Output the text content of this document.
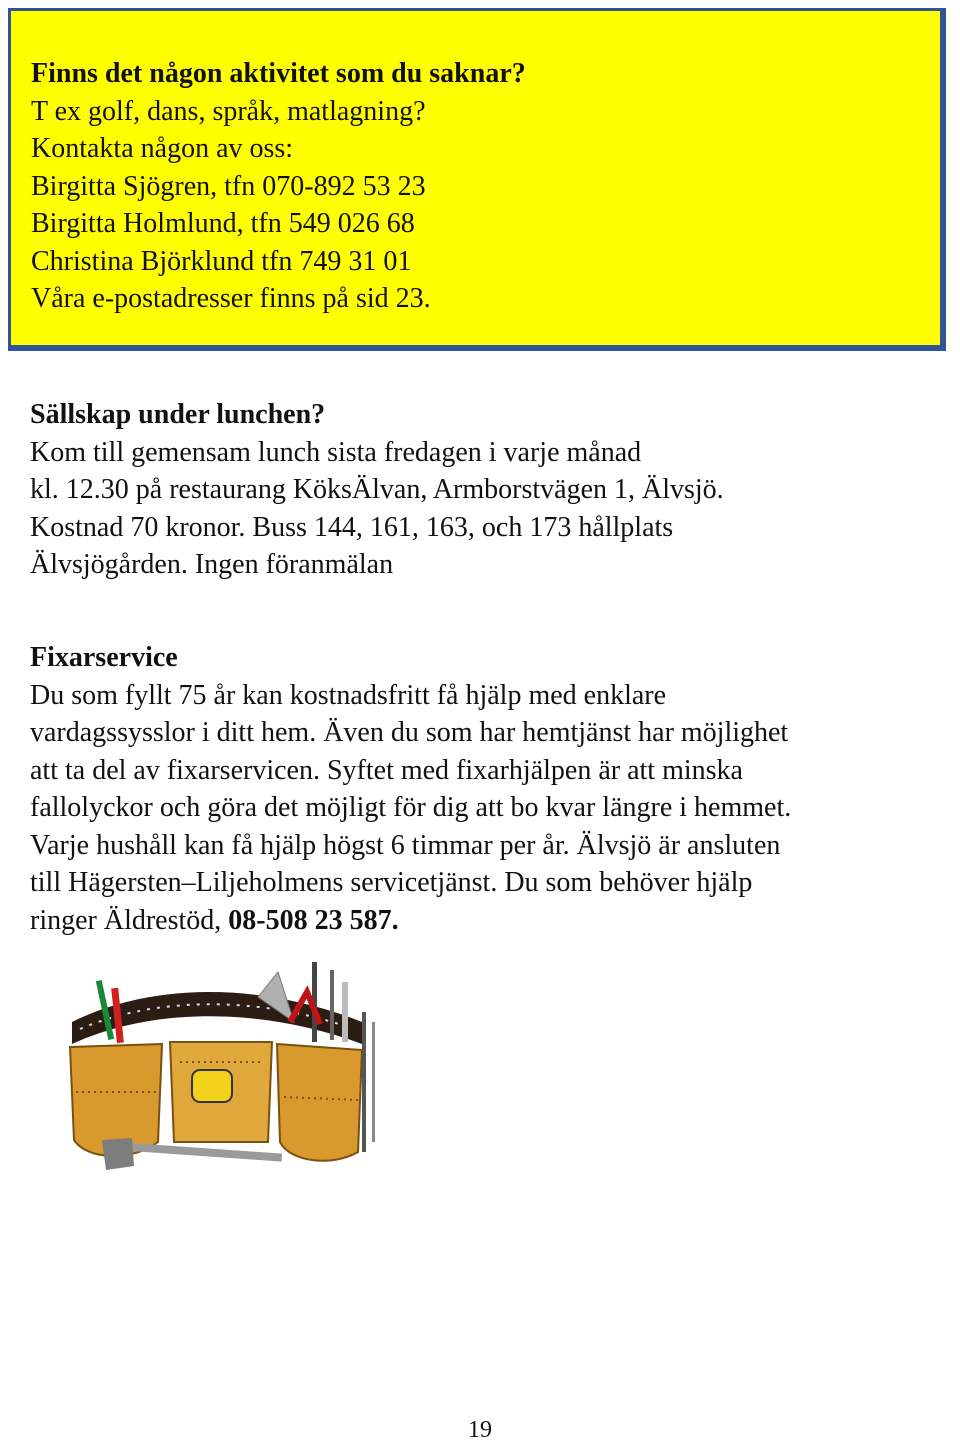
Finns det någon aktivitet som du saknar?
T ex golf, dans, språk, matlagning?
Kontakta någon av oss:
Birgitta Sjögren, tfn 070-892 53 23
Birgitta Holmlund, tfn 549 026 68
Christina Björklund tfn 749 31 01
Våra e-postadresser finns på sid 23.
Sällskap under lunchen?
Kom till gemensam lunch sista fredagen i varje månad
kl. 12.30 på restaurang KöksÄlvan, Armborstvägen 1, Älvsjö.
Kostnad 70 kronor. Buss 144, 161, 163, och 173 hållplats
Älvsjögården. Ingen föranmälan
Fixarservice
Du som fyllt 75 år kan kostnadsfritt få hjälp med enklare
vardagssysslor i ditt hem. Även du som har hemtjänst har möjlighet
att ta del av fixarservicen. Syftet med fixarhjälpen är att minska
fallolyckor och göra det möjligt för dig att bo kvar längre i hemmet.
Varje hushåll kan få hjälp högst 6 timmar per år. Älvsjö är ansluten
till Hägersten–Liljeholmens servicetjänst. Du som behöver hjälp
ringer Äldrestöd, 08-508 23 587.
19
